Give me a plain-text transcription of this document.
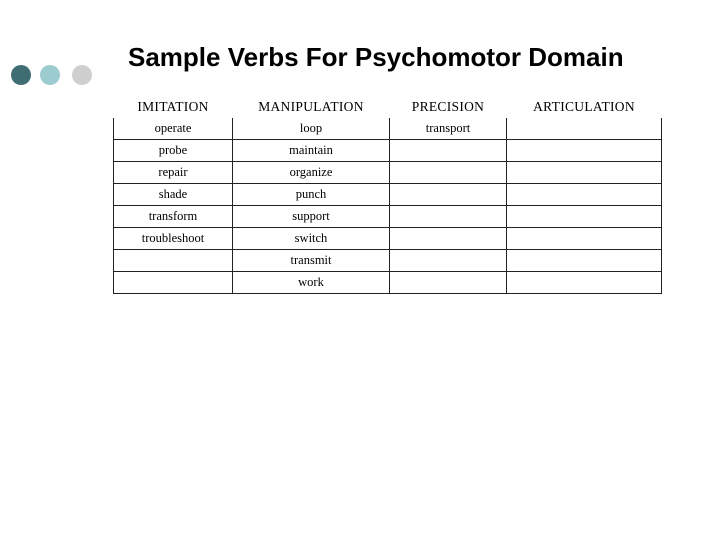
Sample Verbs For Psychomotor Domain
IMITATION	MANIPULATION	PRECISION	ARTICULATION
operate	loop	transport	
probe	maintain		
repair	organize		
shade	punch		
transform	support		
troubleshoot	switch		
	transmit		
	work		
